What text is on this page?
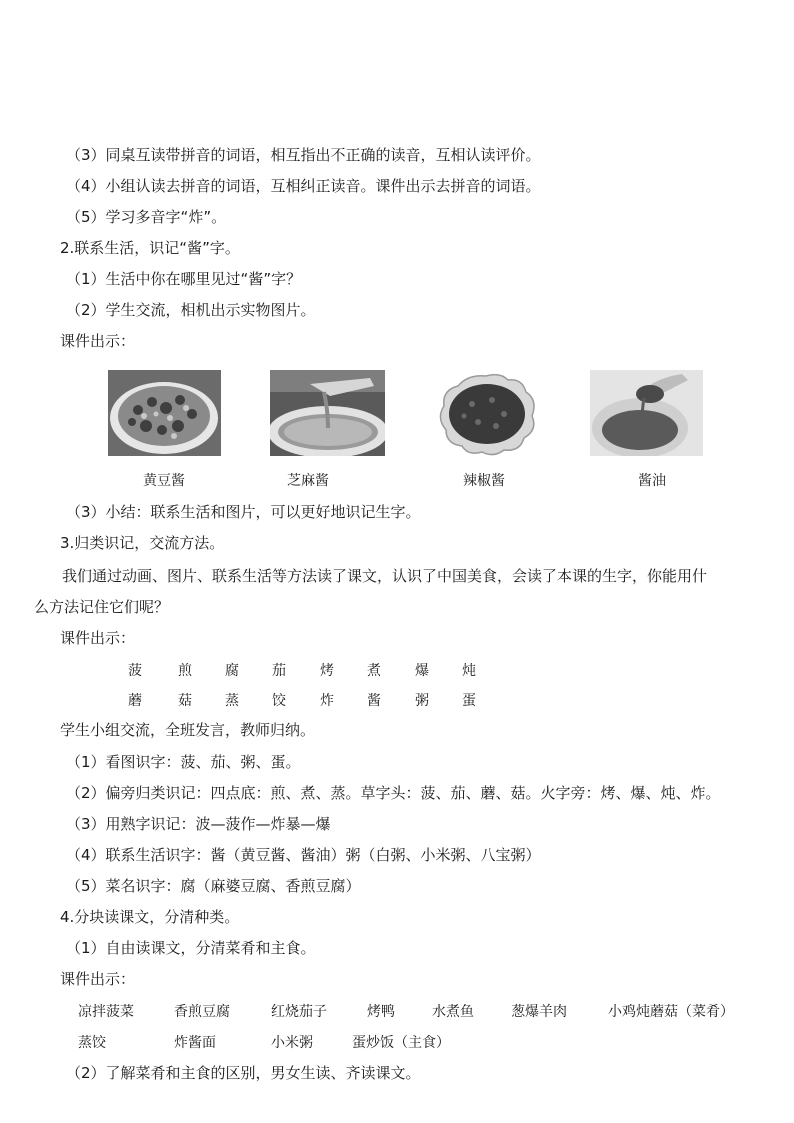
（3）同桌互读带拼音的词语，相互指出不正确的读音，互相认读评价。
（4）小组认读去拼音的词语，互相纠正读音。课件出示去拼音的词语。
（5）学习多音字“炸”。
2.联系生活，识记“酱”字。
（1）生活中你在哪里见过“酱”字？
（2）学生交流，相机出示实物图片。
课件出示：
黄豆酱	芝麻酱	辣椒酱	酱油
（3）小结：联系生活和图片，可以更好地识记生字。
3.归类识记，交流方法。
我们通过动画、图片、联系生活等方法读了课文，认识了中国美食，会读了本课的生字，你能用什
么方法记住它们呢？
课件出示：
菠	煎 腐 茄 烤 煮 爆 炖
蘑	菇 蒸 饺 炸 酱 粥 蛋
学生小组交流，全班发言，教师归纳。
（1）看图识字：菠、茄、粥、蛋。
（2）偏旁归类识记：四点底：煎、煮、蒸。草字头：菠、茄、蘑、菇。火字旁：烤、爆、炖、炸。
（3）用熟字识记：波—菠作—炸暴—爆
（4）联系生活识字：酱（黄豆酱、酱油）粥（白粥、小米粥、八宝粥）
（5）菜名识字：腐（麻婆豆腐、香煎豆腐）
4.分块读课文，分清种类。
（1）自由读课文，分清菜肴和主食。
课件出示：
凉拌菠菜	香煎豆腐	红烧茄子	烤鸭	水煮鱼	葱爆羊肉	小鸡炖蘑菇（菜肴）
蒸饺	炸酱面	小米粥	蛋炒饭（主食）
（2）了解菜肴和主食的区别，男女生读、齐读课文。
